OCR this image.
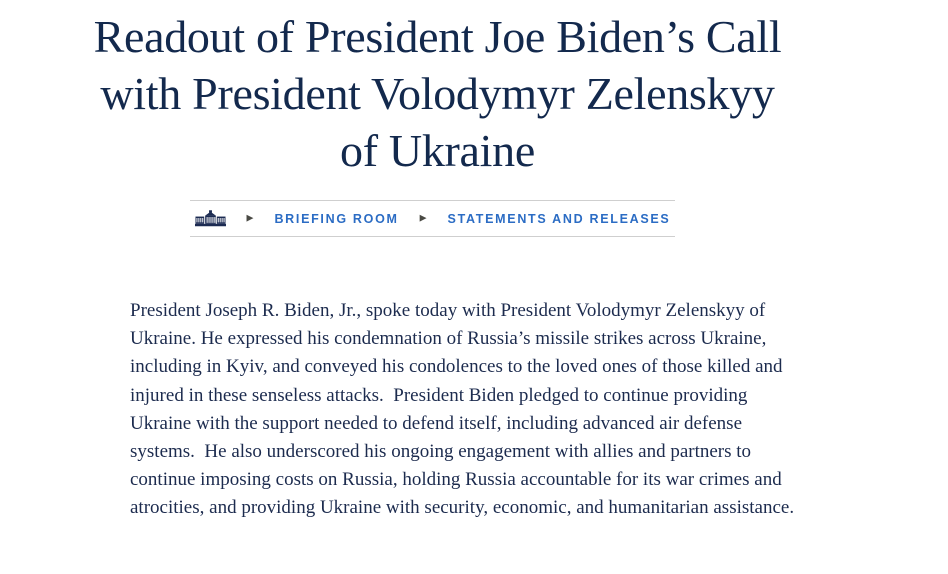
Readout of President Joe Biden’s Call
with President Volodymyr Zelenskyy
of Ukraine
▶ BRIEFING ROOM ▶ STATEMENTS AND RELEASES

President Joseph R. Biden, Jr., spoke today with President Volodymyr Zelenskyy of Ukraine. He expressed his condemnation of Russia’s missile strikes across Ukraine, including in Kyiv, and conveyed his condolences to the loved ones of those killed and injured in these senseless attacks.  President Biden pledged to continue providing Ukraine with the support needed to defend itself, including advanced air defense systems.  He also underscored his ongoing engagement with allies and partners to continue imposing costs on Russia, holding Russia accountable for its war crimes and atrocities, and providing Ukraine with security, economic, and humanitarian assistance.
